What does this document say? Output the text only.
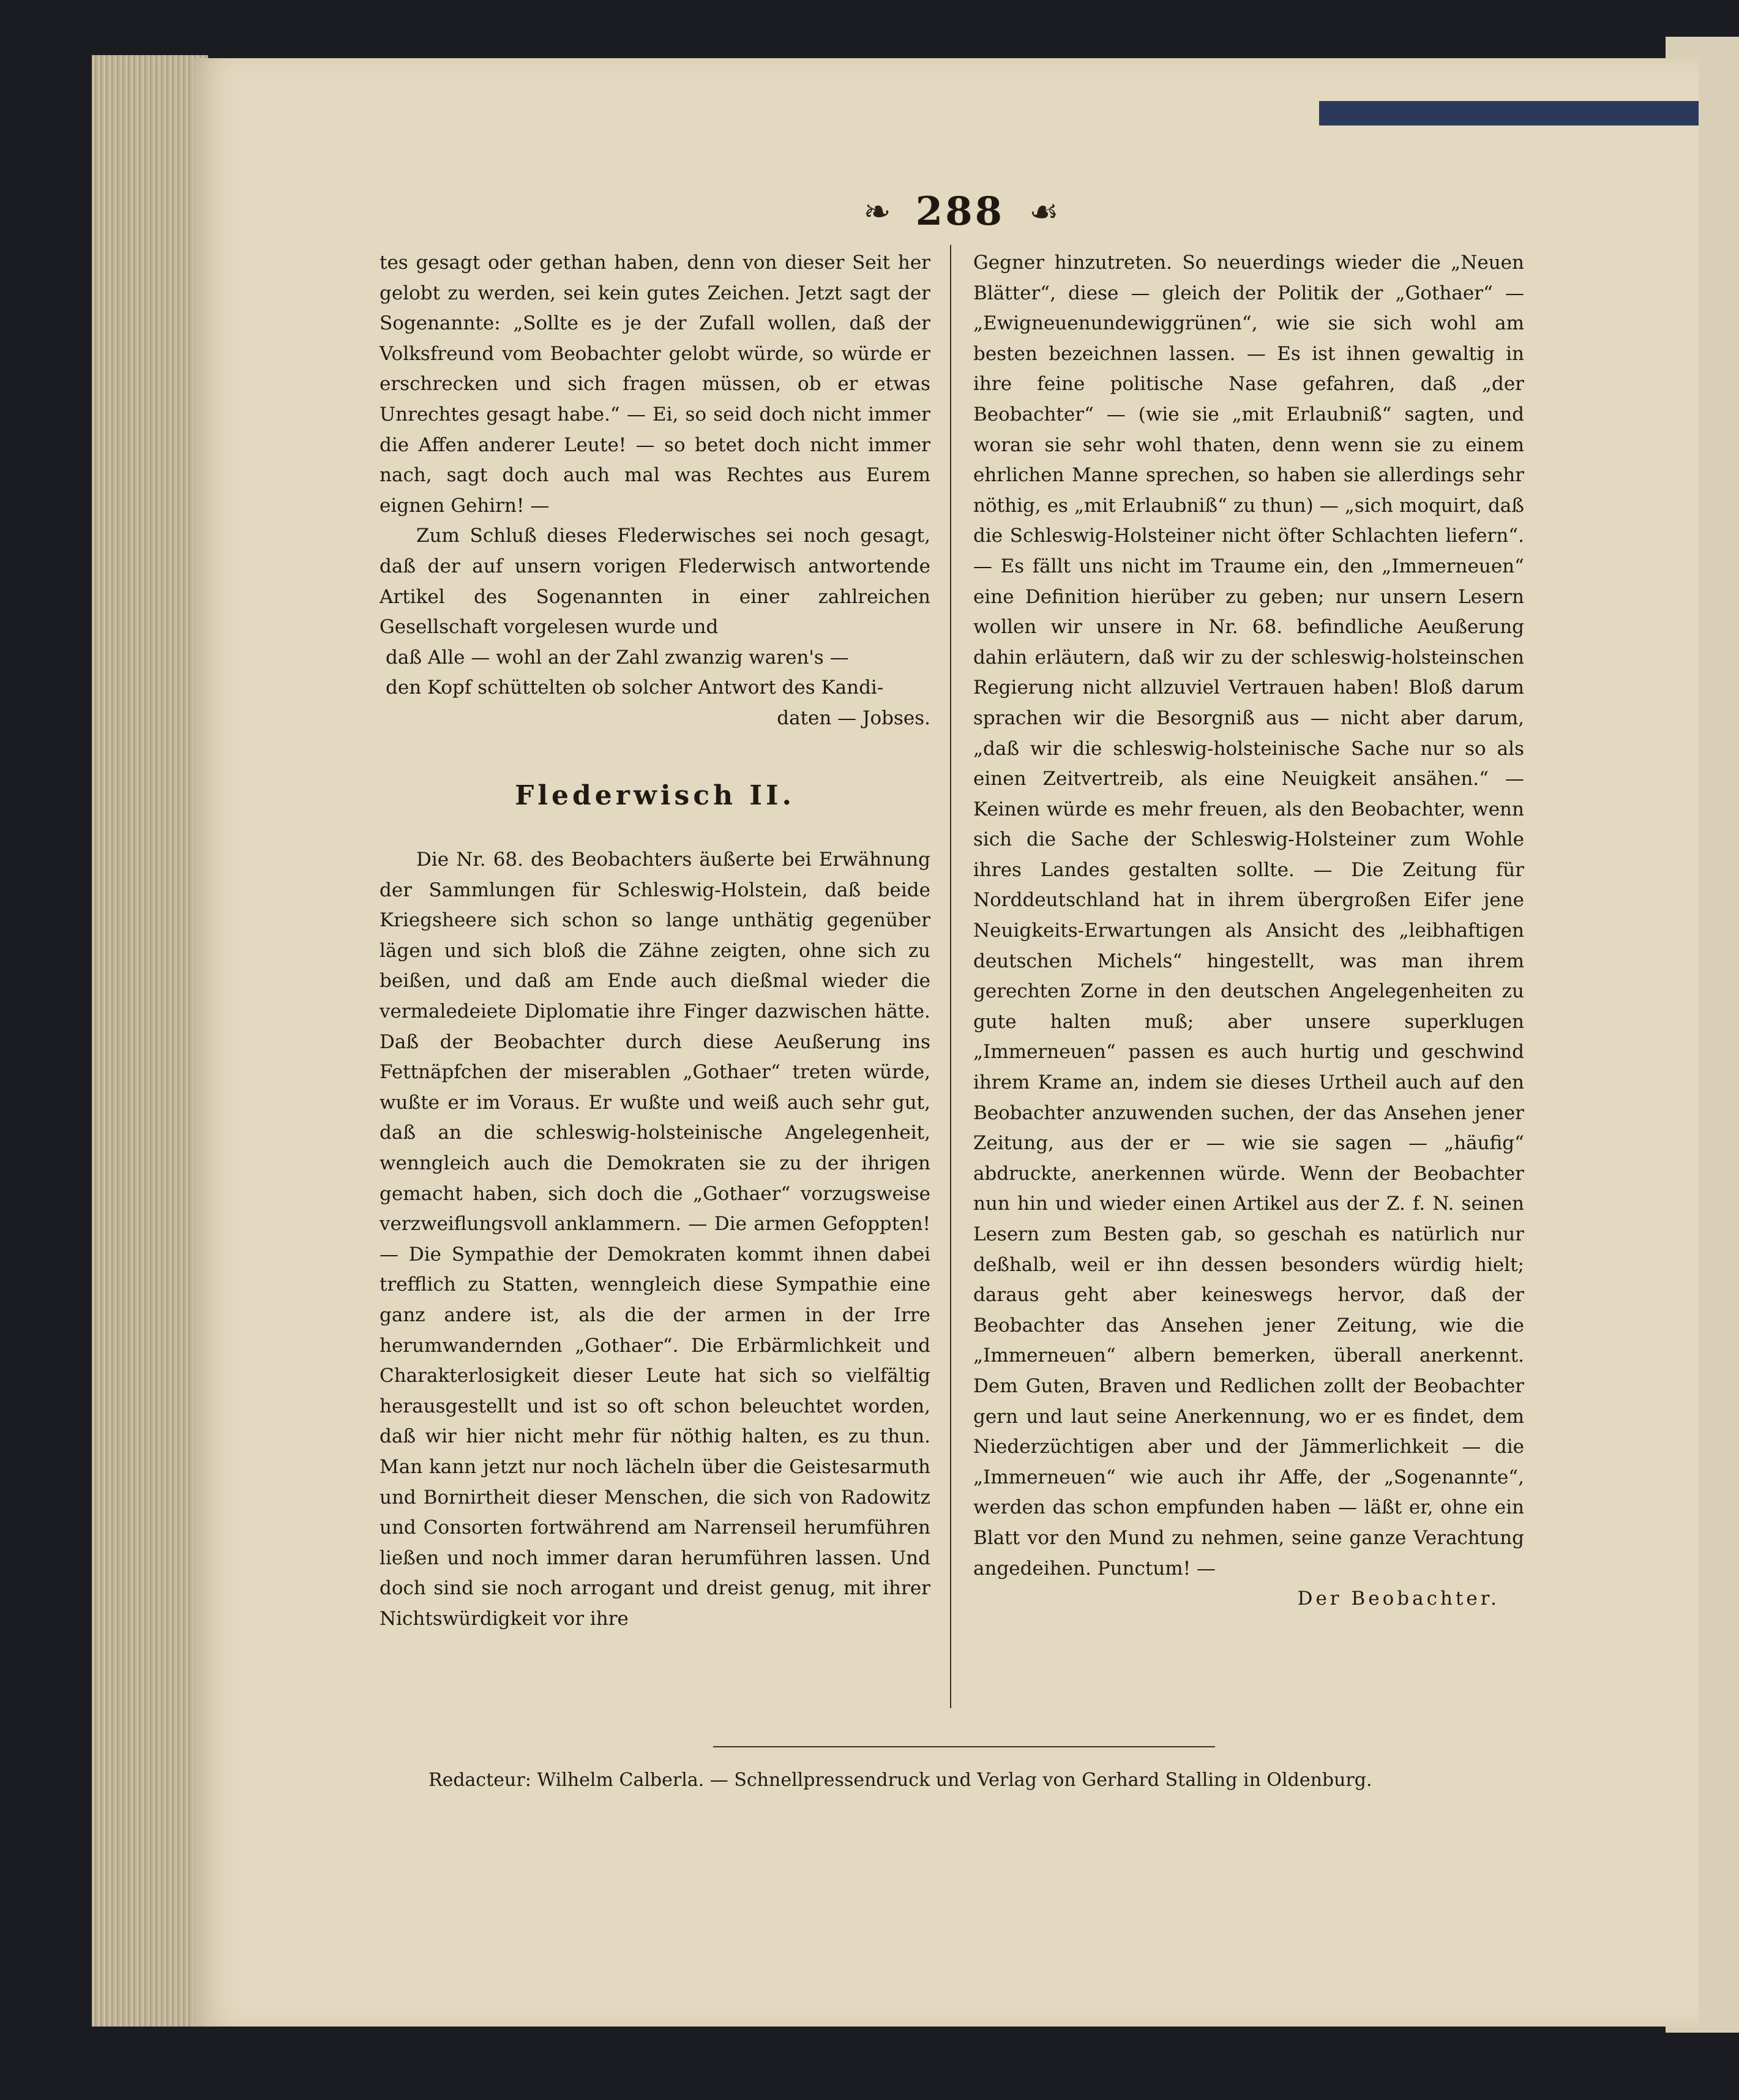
❧ 288 ☙

tes gesagt oder gethan haben, denn von dieser Seit her gelobt zu werden, sei kein gutes Zeichen. Jetzt sagt der Sogenannte: „Sollte es je der Zufall wollen, daß der Volksfreund vom Beobachter gelobt würde, so würde er erschrecken und sich fragen müssen, ob er etwas Unrechtes gesagt habe.“ — Ei, so seid doch nicht immer die Affen anderer Leute! — so betet doch nicht immer nach, sagt doch auch mal was Rechtes aus Eurem eignen Gehirn! —

Zum Schluß dieses Flederwisches sei noch gesagt, daß der auf unsern vorigen Flederwisch antwortende Artikel des Sogenannten in einer zahlreichen Gesellschaft vorgelesen wurde und

daß Alle — wohl an der Zahl zwanzig waren's —

den Kopf schüttelten ob solcher Antwort des Kandi-

daten — Jobses.

Flederwisch II.

Die Nr. 68. des Beobachters äußerte bei Erwähnung der Sammlungen für Schleswig-Holstein, daß beide Kriegsheere sich schon so lange unthätig gegenüber lägen und sich bloß die Zähne zeigten, ohne sich zu beißen, und daß am Ende auch dießmal wieder die vermaledeiete Diplomatie ihre Finger dazwischen hätte. Daß der Beobachter durch diese Aeußerung ins Fettnäpfchen der miserablen „Gothaer“ treten würde, wußte er im Voraus. Er wußte und weiß auch sehr gut, daß an die schleswig-holsteinische Angelegenheit, wenngleich auch die Demokraten sie zu der ihrigen gemacht haben, sich doch die „Gothaer“ vorzugsweise verzweiflungsvoll anklammern. — Die armen Gefoppten! — Die Sympathie der Demokraten kommt ihnen dabei trefflich zu Statten, wenngleich diese Sympathie eine ganz andere ist, als die der armen in der Irre herumwandernden „Gothaer“. Die Erbärmlichkeit und Charakterlosigkeit dieser Leute hat sich so vielfältig herausgestellt und ist so oft schon beleuchtet worden, daß wir hier nicht mehr für nöthig halten, es zu thun. Man kann jetzt nur noch lächeln über die Geistesarmuth und Bornirtheit dieser Menschen, die sich von Radowitz und Consorten fortwährend am Narrenseil herumführen ließen und noch immer daran herumführen lassen. Und doch sind sie noch arrogant und dreist genug, mit ihrer Nichtswürdigkeit vor ihre

Gegner hinzutreten. So neuerdings wieder die „Neuen Blätter“, diese — gleich der Politik der „Gothaer“ — „Ewigneuenundewiggrünen“, wie sie sich wohl am besten bezeichnen lassen. — Es ist ihnen gewaltig in ihre feine politische Nase gefahren, daß „der Beobachter“ — (wie sie „mit Erlaubniß“ sagten, und woran sie sehr wohl thaten, denn wenn sie zu einem ehrlichen Manne sprechen, so haben sie allerdings sehr nöthig, es „mit Erlaubniß“ zu thun) — „sich moquirt, daß die Schleswig-Holsteiner nicht öfter Schlachten liefern“. — Es fällt uns nicht im Traume ein, den „Immerneuen“ eine Definition hierüber zu geben; nur unsern Lesern wollen wir unsere in Nr. 68. befindliche Aeußerung dahin erläutern, daß wir zu der schleswig-holsteinschen Regierung nicht allzuviel Vertrauen haben! Bloß darum sprachen wir die Besorgniß aus — nicht aber darum, „daß wir die schleswig-holsteinische Sache nur so als einen Zeitvertreib, als eine Neuigkeit ansähen.“ — Keinen würde es mehr freuen, als den Beobachter, wenn sich die Sache der Schleswig-Holsteiner zum Wohle ihres Landes gestalten sollte. — Die Zeitung für Norddeutschland hat in ihrem übergroßen Eifer jene Neuigkeits-Erwartungen als Ansicht des „leibhaftigen deutschen Michels“ hingestellt, was man ihrem gerechten Zorne in den deutschen Angelegenheiten zu gute halten muß; aber unsere superklugen „Immerneuen“ passen es auch hurtig und geschwind ihrem Krame an, indem sie dieses Urtheil auch auf den Beobachter anzuwenden suchen, der das Ansehen jener Zeitung, aus der er — wie sie sagen — „häufig“ abdruckte, anerkennen würde. Wenn der Beobachter nun hin und wieder einen Artikel aus der Z. f. N. seinen Lesern zum Besten gab, so geschah es natürlich nur deßhalb, weil er ihn dessen besonders würdig hielt; daraus geht aber keineswegs hervor, daß der Beobachter das Ansehen jener Zeitung, wie die „Immerneuen“ albern bemerken, überall anerkennt. Dem Guten, Braven und Redlichen zollt der Beobachter gern und laut seine Anerkennung, wo er es findet, dem Niederzüchtigen aber und der Jämmerlichkeit — die „Immerneuen“ wie auch ihr Affe, der „Sogenannte“, werden das schon empfunden haben — läßt er, ohne ein Blatt vor den Mund zu nehmen, seine ganze Verachtung angedeihen. Punctum! —

Der Beobachter.

Redacteur: Wilhelm Calberla. — Schnellpressendruck und Verlag von Gerhard Stalling in Oldenburg.
